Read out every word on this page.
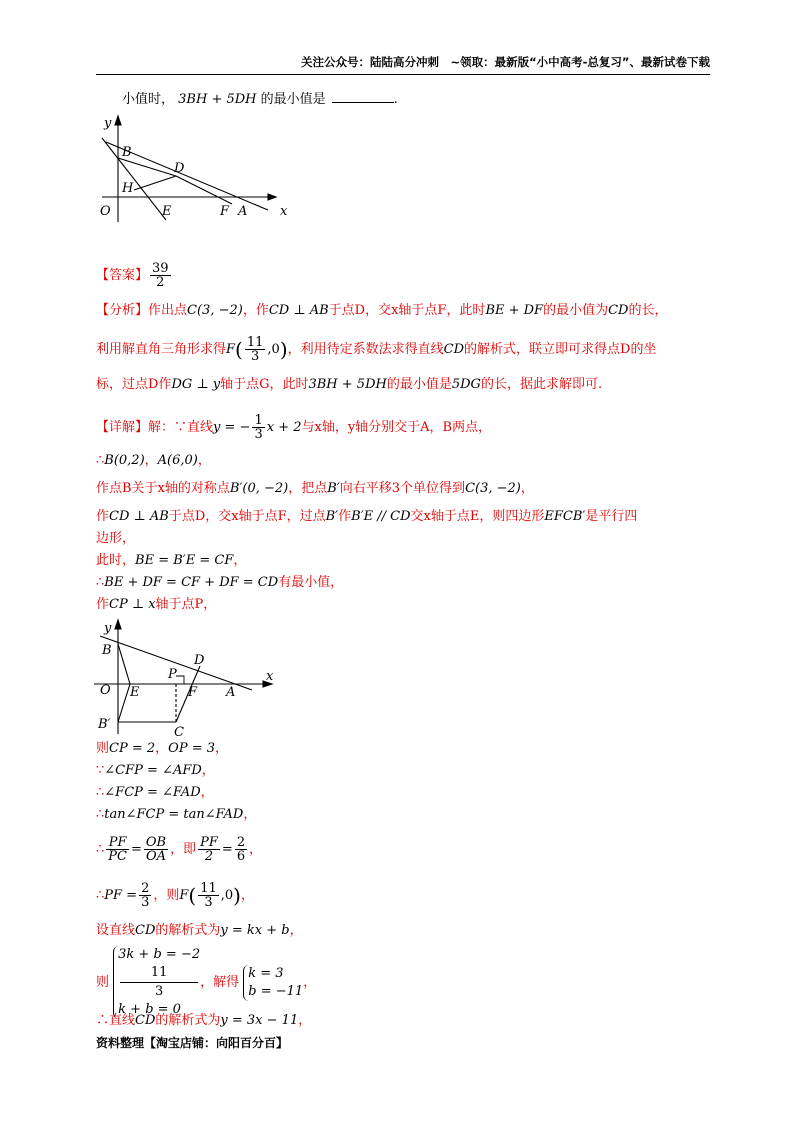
关注公众号：陆陆高分冲刺　~领取：最新版“小中高考-总复习”、最新试卷下载
小值时， 3BH + 5DH 的最小值是	.
y
x
O
B
D
H
E	F A
【答案】 $\frac{39}{2}$
【分析】作出点C(3, −2)，作CD ⊥ AB于点D，交x轴于点F，此时BE + DF的最小值为CD的长，
利用解直角三角形求得$F( \frac{11}{3} ,0)$，利用待定系数法求得直线CD的解析式，联立即可求得点D的坐
标，过点D作DG ⊥ y轴于点G，此时3BH + 5DH的最小值是5DG的长，据此求解即可.
【详解】解：∵直线y = − $\frac{1}{3}$ x + 2与x轴，y轴分别交于A，B两点，
∴B(0,2)，A(6,0)，
作点B关于x轴的对称点B′(0, −2)，把点B′向右平移3个单位得到C(3, −2)，
作CD ⊥ AB于点D，交x轴于点F，过点B′作B′E // CD交x轴于点E，则四边形EFCB′是平行四
边形，
此时，BE = B′E = CF，
∴BE + DF = CF + DF = CD有最小值，
作CP ⊥ x轴于点P，
y
x
O
B
P
D
E	F A
B′
C
则CP = 2，OP = 3，
∵∠CFP = ∠AFD，
∴∠FCP = ∠FAD，
∴tan∠FCP = tan∠FAD，
∴ $\frac{PF}{PC} = \frac{OB}{OA}$ ，即 $\frac{PF}{2} = \frac{2}{6}$ ，
∴PF = $\frac{2}{3}$ ，则$F( \frac{11}{3} ,0)$，
设直线CD的解析式为y = kx + b，
则
3k + b = −2
11
3
k + b = 0
，解得
k = 3
b = −11
，
∴直线CD的解析式为y = 3x − 11，
资料整理【淘宝店铺：向阳百分百】
